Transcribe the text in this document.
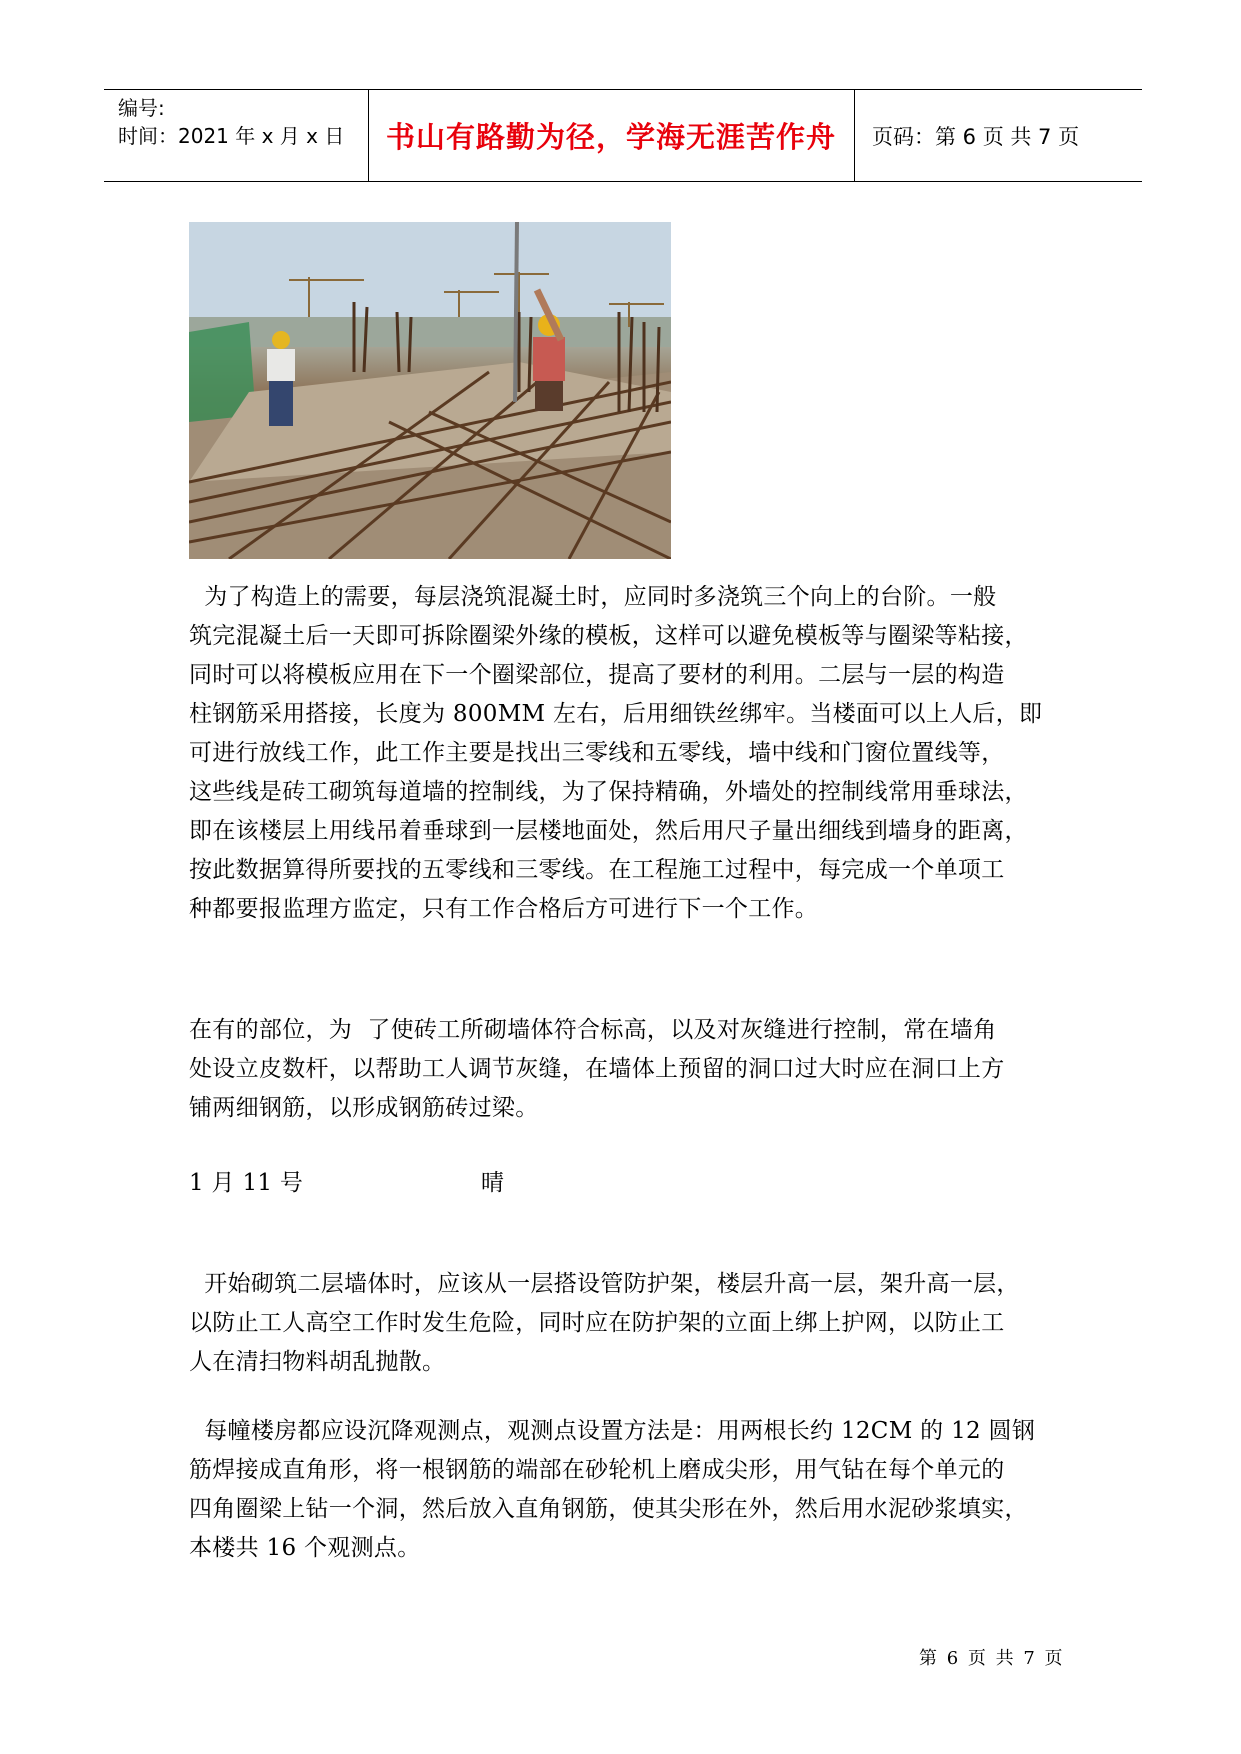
编号:
时间：2021 年 x 月 x 日	书山有路勤为径，学海无涯苦作舟	页码：第 6 页 共 7 页

为了构造上的需要，每层浇筑混凝土时，应同时多浇筑三个向上的台阶。一般

筑完混凝土后一天即可拆除圈梁外缘的模板，这样可以避免模板等与圈梁等粘接，

同时可以将模板应用在下一个圈梁部位，提高了要材的利用。二层与一层的构造

柱钢筋采用搭接，长度为 800MM 左右，后用细铁丝绑牢。当楼面可以上人后，即

可进行放线工作，此工作主要是找出三零线和五零线，墙中线和门窗位置线等，

这些线是砖工砌筑每道墙的控制线，为了保持精确，外墙处的控制线常用垂球法，

即在该楼层上用线吊着垂球到一层楼地面处，然后用尺子量出细线到墙身的距离，

按此数据算得所要找的五零线和三零线。在工程施工过程中，每完成一个单项工

种都要报监理方监定，只有工作合格后方可进行下一个工作。

在有的部位，为  了使砖工所砌墙体符合标高，以及对灰缝进行控制，常在墙角

处设立皮数杆，以帮助工人调节灰缝，在墙体上预留的洞口过大时应在洞口上方

铺两细钢筋，以形成钢筋砖过梁。

1 月 11 号	晴

开始砌筑二层墙体时，应该从一层搭设管防护架，楼层升高一层，架升高一层，

以防止工人高空工作时发生危险，同时应在防护架的立面上绑上护网，以防止工

人在清扫物料胡乱抛散。

每幢楼房都应设沉降观测点，观测点设置方法是：用两根长约 12CM 的 12 圆钢

筋焊接成直角形，将一根钢筋的端部在砂轮机上磨成尖形，用气钻在每个单元的

四角圈梁上钻一个洞，然后放入直角钢筋，使其尖形在外，然后用水泥砂浆填实，

本楼共 16 个观测点。

第 6 页 共 7 页
